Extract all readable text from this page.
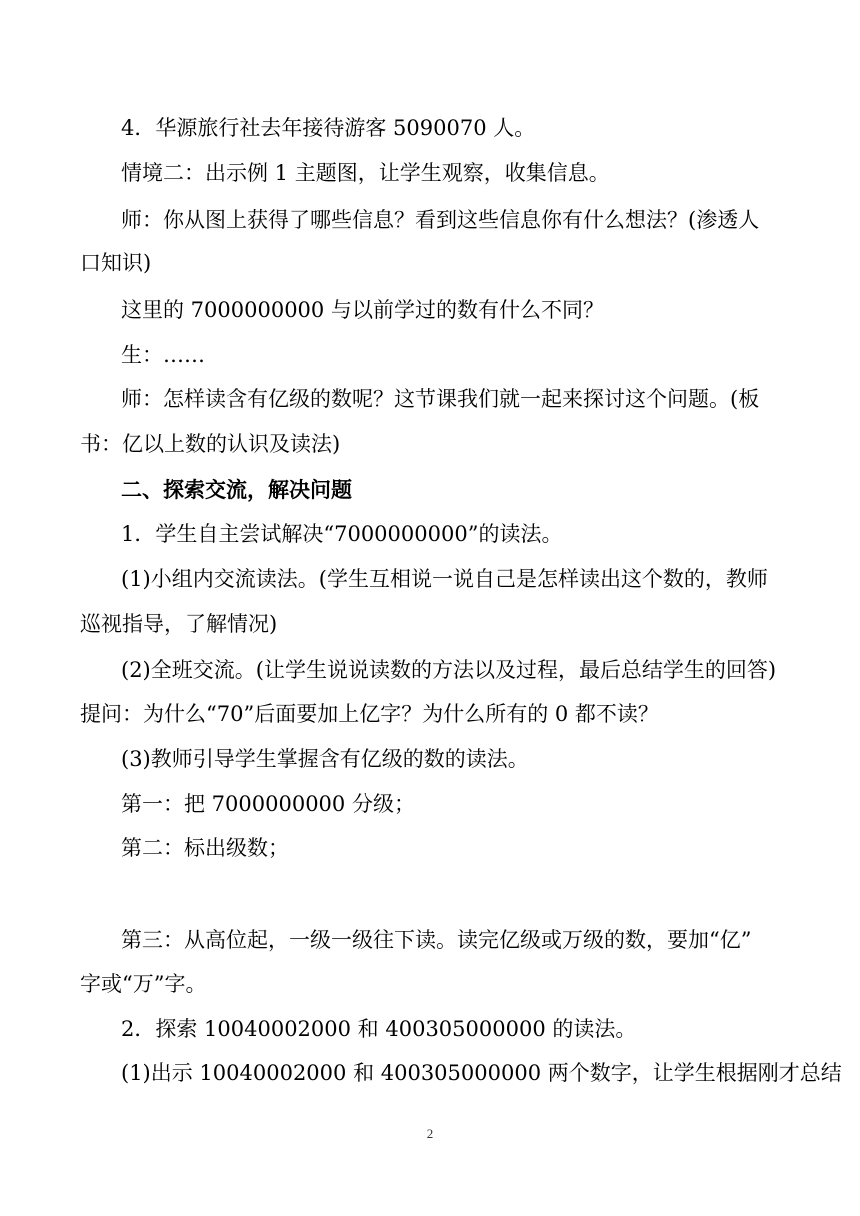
4．华源旅行社去年接待游客 5090070 人。
情境二：出示例 1 主题图，让学生观察，收集信息。
师：你从图上获得了哪些信息？看到这些信息你有什么想法？(渗透人
口知识)
这里的 7000000000 与以前学过的数有什么不同？
生：……
师：怎样读含有亿级的数呢？这节课我们就一起来探讨这个问题。(板
书：亿以上数的认识及读法)
二、探索交流，解决问题
1．学生自主尝试解决“7000000000”的读法。
(1)小组内交流读法。(学生互相说一说自己是怎样读出这个数的，教师
巡视指导，了解情况)
(2)全班交流。(让学生说说读数的方法以及过程，最后总结学生的回答)
提问：为什么“70”后面要加上亿字？为什么所有的 0 都不读？
(3)教师引导学生掌握含有亿级的数的读法。
第一：把 7000000000 分级；
第二：标出级数；
第三：从高位起，一级一级往下读。读完亿级或万级的数，要加“亿”
字或“万”字。
2．探索 10040002000 和 400305000000 的读法。
(1)出示 10040002000 和 400305000000 两个数字，让学生根据刚才总结
2
